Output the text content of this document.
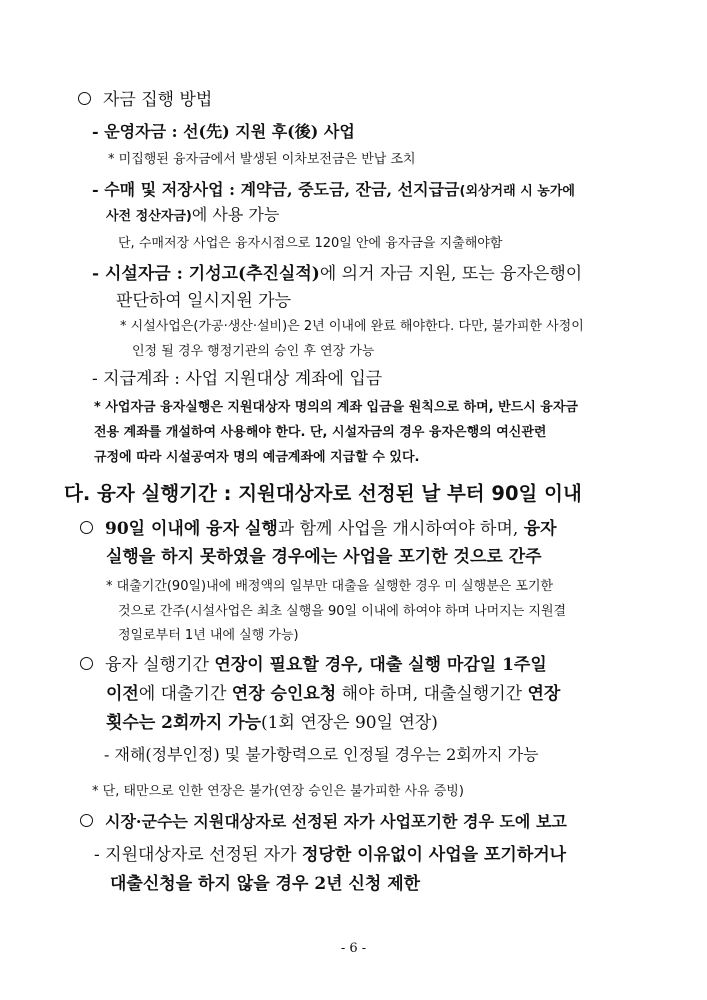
자금 집행 방법
- 운영자금 : 선(先) 지원 후(後) 사업
* 미집행된 융자금에서 발생된 이차보전금은 반납 조치
- 수매 및 저장사업 : 계약금, 중도금, 잔금, 선지급금(외상거래 시 농가에
사전 정산자금)에 사용 가능
단, 수매저장 사업은 융자시점으로 120일 안에 융자금을 지출해야함
- 시설자금 : 기성고(추진실적)에 의거 자금 지원, 또는 융자은행이
판단하여 일시지원 가능
* 시설사업은(가공·생산·설비)은 2년 이내에 완료 해야한다. 다만, 불가피한 사정이
인정 될 경우 행정기관의 승인 후 연장 가능
- 지급계좌 : 사업 지원대상 계좌에 입금
* 사업자금 융자실행은 지원대상자 명의의 계좌 입금을 원칙으로 하며, 반드시 융자금
전용 계좌를 개설하여 사용해야 한다. 단, 시설자금의 경우 융자은행의 여신관련
규정에 따라 시설공여자 명의 예금계좌에 지급할 수 있다.
다. 융자 실행기간 : 지원대상자로 선정된 날 부터 90일 이내
90일 이내에 융자 실행과 함께 사업을 개시하여야 하며, 융자
실행을 하지 못하였을 경우에는 사업을 포기한 것으로 간주
* 대출기간(90일)내에 배정액의 일부만 대출을 실행한 경우 미 실행분은 포기한
것으로 간주(시설사업은 최초 실행을 90일 이내에 하여야 하며 나머지는 지원결
정일로부터 1년 내에 실행 가능)
융자 실행기간 연장이 필요할 경우, 대출 실행 마감일 1주일
이전에 대출기간 연장 승인요청 해야 하며, 대출실행기간 연장
횟수는 2회까지 가능(1회 연장은 90일 연장)
- 재해(정부인정) 및 불가항력으로 인정될 경우는 2회까지 가능
* 단, 태만으로 인한 연장은 불가(연장 승인은 불가피한 사유 증빙)
시장·군수는 지원대상자로 선정된 자가 사업포기한 경우 도에 보고
- 지원대상자로 선정된 자가 정당한 이유없이 사업을 포기하거나
대출신청을 하지 않을 경우 2년 신청 제한
- 6 -
